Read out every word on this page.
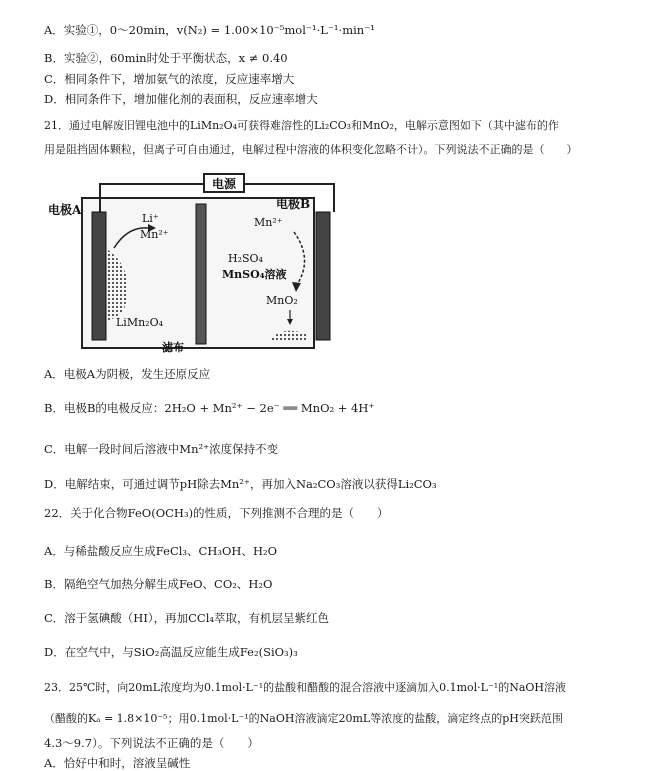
A．实验①，0～20min，v(N₂) = 1.00×10⁻⁵mol⁻¹·L⁻¹·min⁻¹
B．实验②，60min时处于平衡状态，x ≠ 0.40
C．相同条件下，增加氨气的浓度，反应速率增大
D．相同条件下，增加催化剂的表面积，反应速率增大
21．通过电解废旧锂电池中的LiMn₂O₄可获得难溶性的Li₂CO₃和MnO₂，电解示意图如下（其中滤布的作
用是阻挡固体颗粒，但离子可自由通过，电解过程中溶液的体积变化忽略不计）。下列说法不正确的是（　　）
电源
电极A	电极B
Li⁺
Mn²⁺
LiMn₂O₄
Mn²⁺
H₂SO₄
MnSO₄溶液
MnO₂
滤布
A．电极A为阴极，发生还原反应
B．电极B的电极反应：2H₂O + Mn²⁺ − 2e⁻ ══ MnO₂ + 4H⁺
C．电解一段时间后溶液中Mn²⁺浓度保持不变
D．电解结束，可通过调节pH除去Mn²⁺，再加入Na₂CO₃溶液以获得Li₂CO₃
22．关于化合物FeO(OCH₃)的性质，下列推测不合理的是（　　）
A．与稀盐酸反应生成FeCl₃、CH₃OH、H₂O
B．隔绝空气加热分解生成FeO、CO₂、H₂O
C．溶于氢碘酸（HI），再加CCl₄萃取，有机层呈紫红色
D．在空气中，与SiO₂高温反应能生成Fe₂(SiO₃)₃
23．25℃时，向20mL浓度均为0.1mol·L⁻¹的盐酸和醋酸的混合溶液中逐滴加入0.1mol·L⁻¹的NaOH溶液
（醋酸的Kₐ = 1.8×10⁻⁵；用0.1mol·L⁻¹的NaOH溶液滴定20mL等浓度的盐酸，滴定终点的pH突跃范围
4.3～9.7）。下列说法不正确的是（　　）
A．恰好中和时，溶液呈碱性
